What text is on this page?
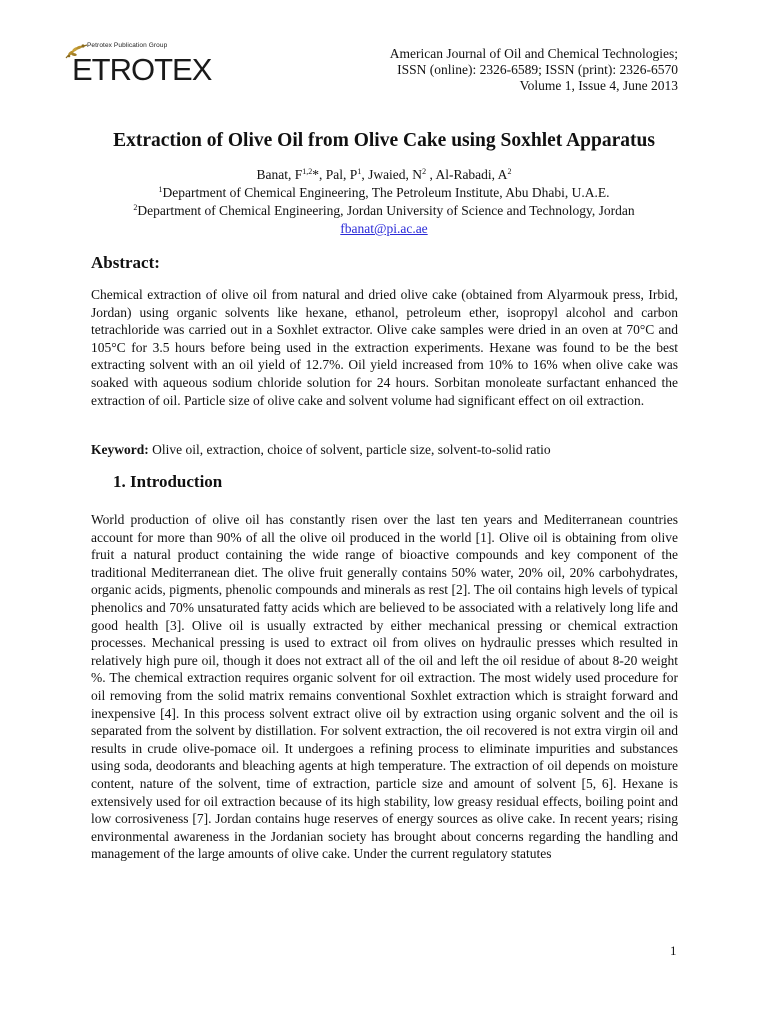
Petrotex Publication Group
ETROTEX	American Journal of Oil and Chemical Technologies;
ISSN (online): 2326-6589; ISSN (print): 2326-6570
Volume 1, Issue 4, June 2013
Extraction of Olive Oil from Olive Cake using Soxhlet Apparatus
Banat, F$^{1,2}$*, Pal, $P^1$, Jwaied, $N^2$ , Al-Rabadi, $A^2$
$^1$Department of Chemical Engineering, The Petroleum Institute, Abu Dhabi, U.A.E.
$^2$Department of Chemical Engineering, Jordan University of Science and Technology, Jordan
fbanat@pi.ac.ae
Abstract:
Chemical extraction of olive oil from natural and dried olive cake (obtained from Alyarmouk press, Irbid, Jordan) using organic solvents like hexane, ethanol, petroleum ether, isopropyl alcohol and carbon tetrachloride was carried out in a Soxhlet extractor. Olive cake samples were dried in an oven at 70°C and 105°C for 3.5 hours before being used in the extraction experiments. Hexane was found to be the best extracting solvent with an oil yield of 12.7%. Oil yield increased from 10% to 16% when olive cake was soaked with aqueous sodium chloride solution for 24 hours. Sorbitan monoleate surfactant enhanced the extraction of oil. Particle size of olive cake and solvent volume had significant effect on oil extraction.
Keyword: Olive oil, extraction, choice of solvent, particle size, solvent-to-solid ratio
1. Introduction
World production of olive oil has constantly risen over the last ten years and Mediterranean countries account for more than 90% of all the olive oil produced in the world [1]. Olive oil is obtaining from olive fruit a natural product containing the wide range of bioactive compounds and key component of the traditional Mediterranean diet. The olive fruit generally contains 50% water, 20% oil, 20% carbohydrates, organic acids, pigments, phenolic compounds and minerals as rest [2]. The oil contains high levels of typical phenolics and 70% unsaturated fatty acids which are believed to be associated with a relatively long life and good health [3]. Olive oil is usually extracted by either mechanical pressing or chemical extraction processes. Mechanical pressing is used to extract oil from olives on hydraulic presses which resulted in relatively high pure oil, though it does not extract all of the oil and left the oil residue of about 8-20 weight %. The chemical extraction requires organic solvent for oil extraction. The most widely used procedure for oil removing from the solid matrix remains conventional Soxhlet extraction which is straight forward and inexpensive [4]. In this process solvent extract olive oil by extraction using organic solvent and the oil is separated from the solvent by distillation. For solvent extraction, the oil recovered is not extra virgin oil and results in crude olive-pomace oil. It undergoes a refining process to eliminate impurities and substances using soda, deodorants and bleaching agents at high temperature. The extraction of oil depends on moisture content, nature of the solvent, time of extraction, particle size and amount of solvent [5, 6]. Hexane is extensively used for oil extraction because of its high stability, low greasy residual effects, boiling point and low corrosiveness [7]. Jordan contains huge reserves of energy sources as olive cake. In recent years; rising environmental awareness in the Jordanian society has brought about concerns regarding the handling and management of the large amounts of olive cake. Under the current regulatory statutes
1
